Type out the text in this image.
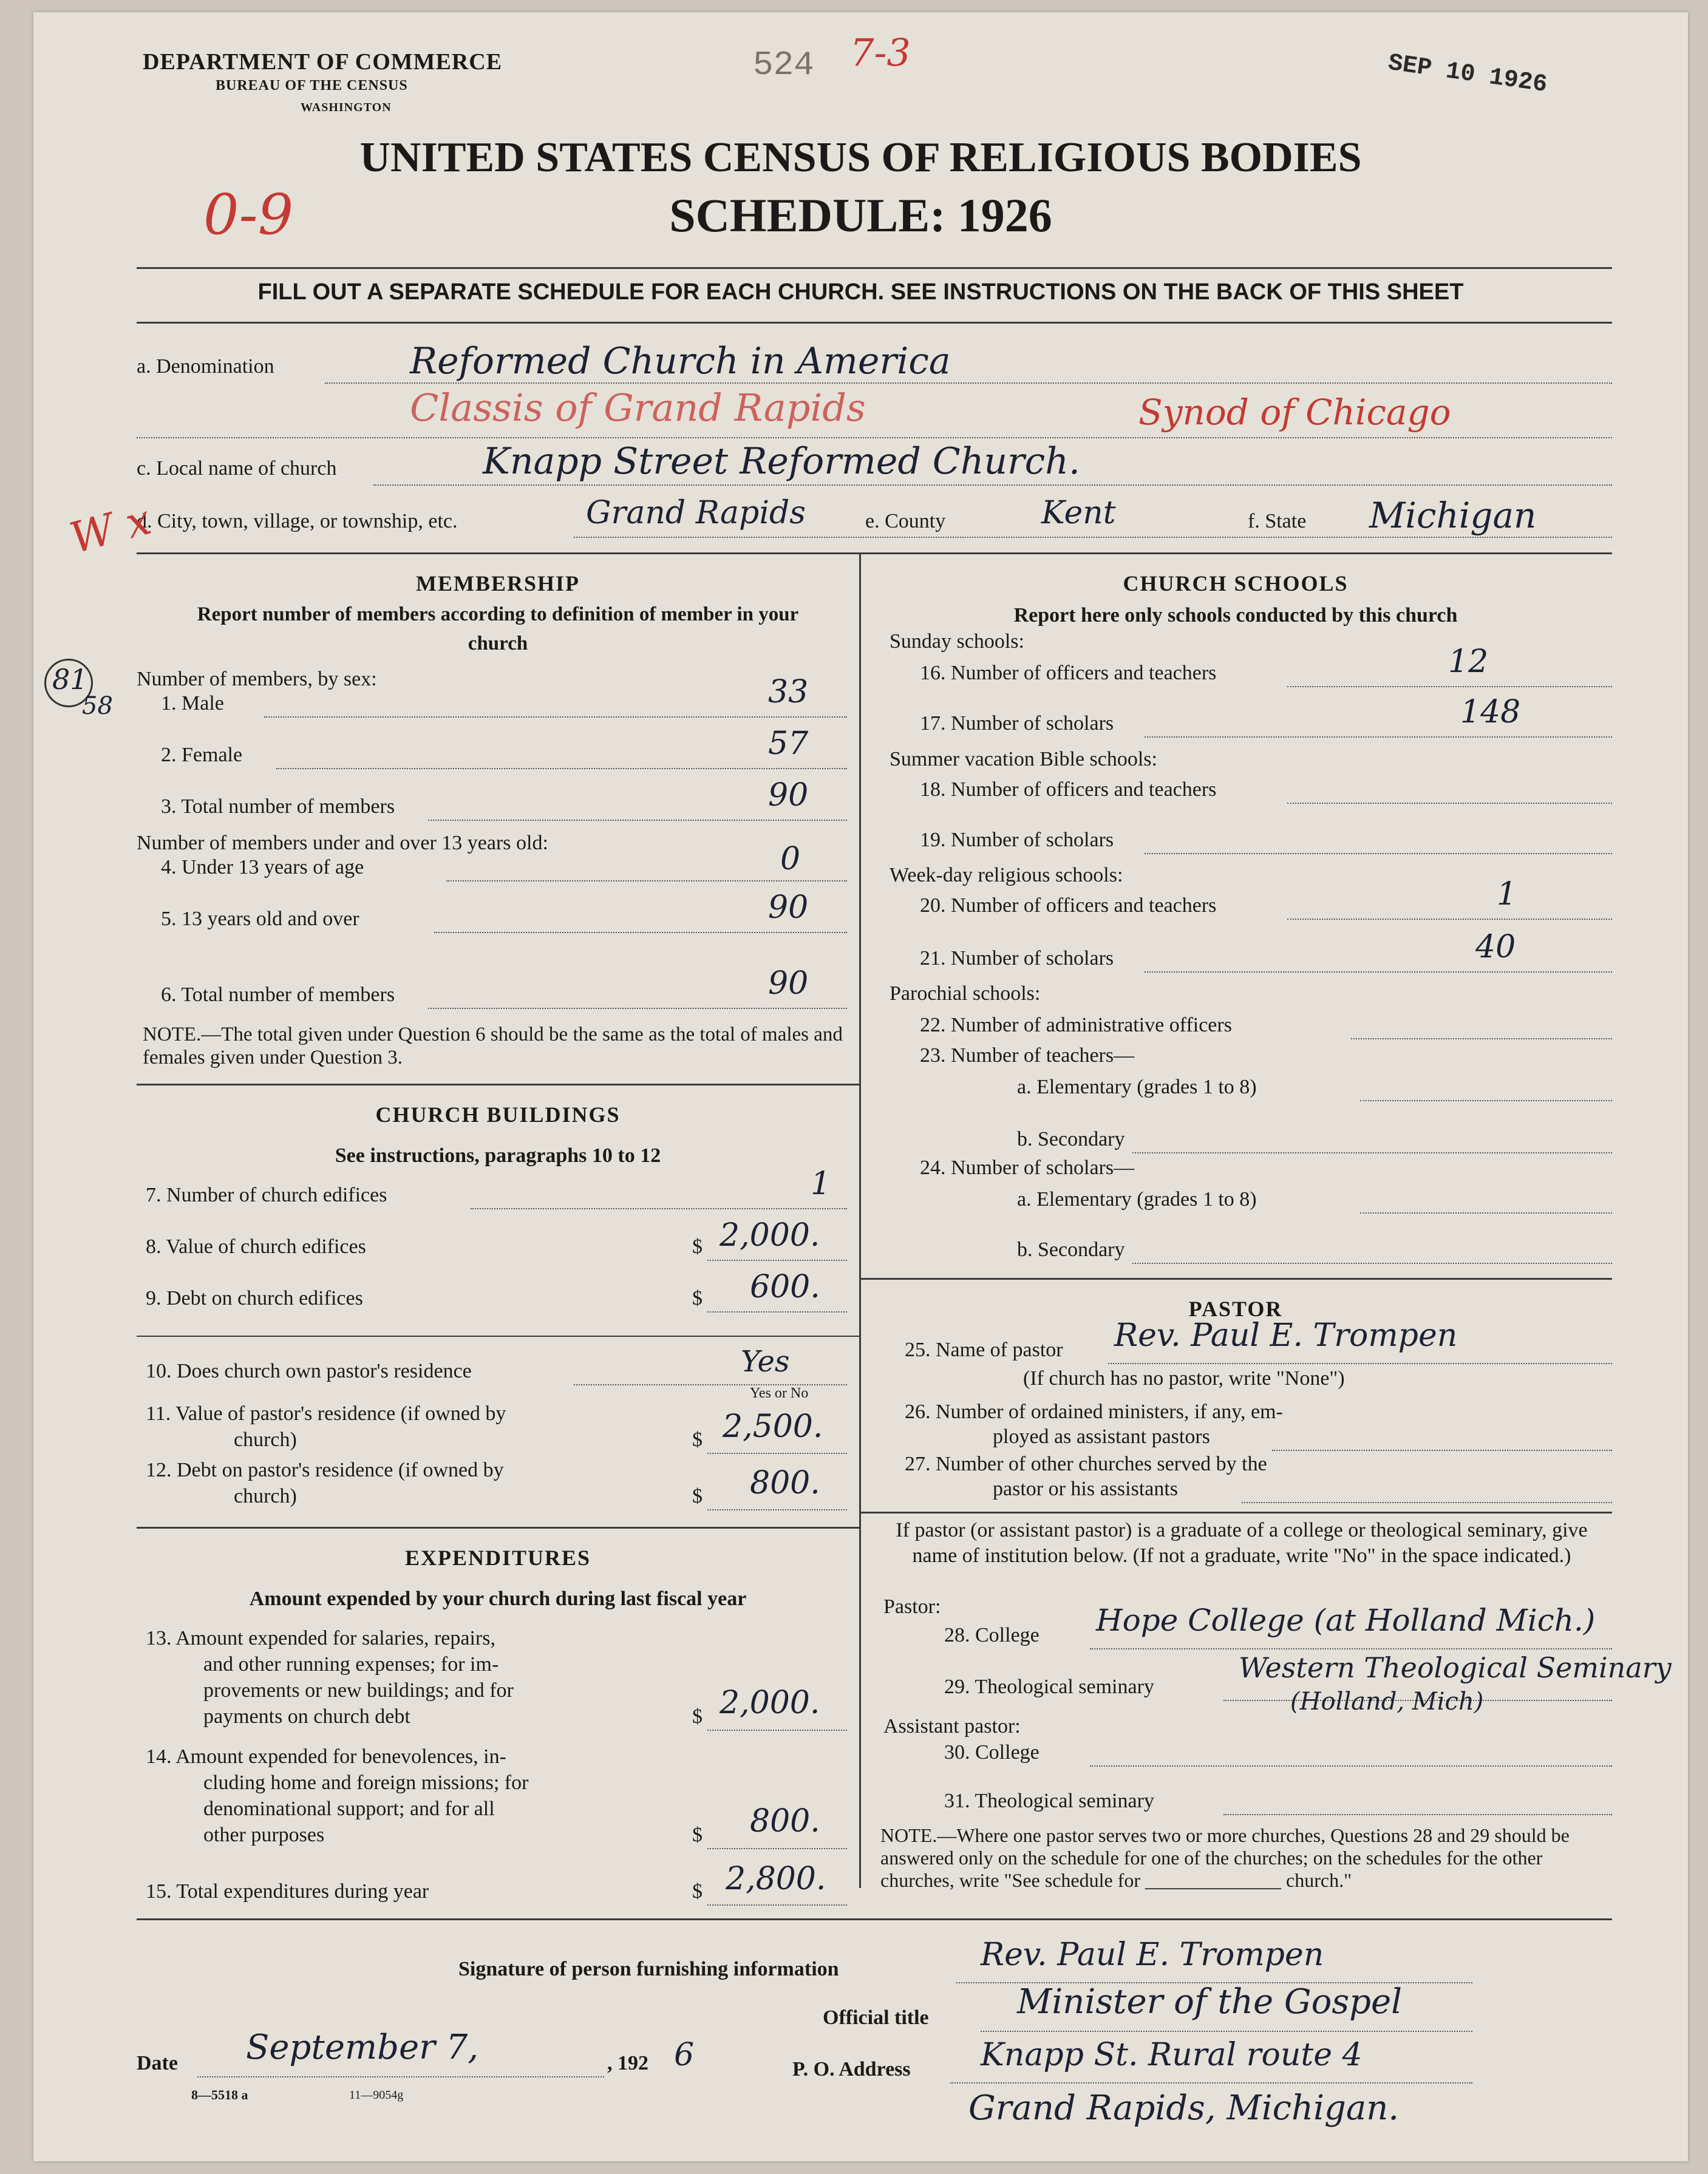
DEPARTMENT OF COMMERCE
BUREAU OF THE CENSUS
WASHINGTON
524 7-3	SEP 10 1926
UNITED STATES CENSUS OF RELIGIOUS BODIES
SCHEDULE: 1926
0-9
FILL OUT A SEPARATE SCHEDULE FOR EACH CHURCH. SEE INSTRUCTIONS ON THE BACK OF THIS SHEET
a. Denomination	Reformed Church in America
Classis of Grand Rapids	Synod of Chicago
c. Local name of church	Knapp Street Reformed Church.
d. City, town, village, or township, etc.	Grand Rapids	e. County	Kent	f. State Michigan
W x
81
58
MEMBERSHIP
Report number of members according to definition of member in your church
Number of members, by sex:
1. Male	33
2. Female	57
3. Total number of members	90
Number of members under and over 13 years old:
4. Under 13 years of age	0
5. 13 years old and over	90
6. Total number of members	90
NOTE.—The total given under Question 6 should be the same as the total of males and females given under Question 3.
CHURCH BUILDINGS
See instructions, paragraphs 10 to 12
7. Number of church edifices	1
8. Value of church edifices	$ 2,000.
9. Debt on church edifices	$ 600.
10. Does church own pastor's residence	Yes
Yes or No
11. Value of pastor's residence (if owned by
church)	$ 2,500.
12. Debt on pastor's residence (if owned by
church)	$ 800.
EXPENDITURES
Amount expended by your church during last fiscal year
13. Amount expended for salaries, repairs,
and other running expenses; for im-
provements or new buildings; and for
payments on church debt	$ 2,000.
14. Amount expended for benevolences, in-
cluding home and foreign missions; for
denominational support; and for all
other purposes	$ 800.
15. Total expenditures during year	$ 2,800.
CHURCH SCHOOLS
Report here only schools conducted by this church
Sunday schools:
16. Number of officers and teachers	12
17. Number of scholars	148
Summer vacation Bible schools:
18. Number of officers and teachers
19. Number of scholars
Week-day religious schools:
20. Number of officers and teachers	1
21. Number of scholars	40
Parochial schools:
22. Number of administrative officers
23. Number of teachers—
a. Elementary (grades 1 to 8)
b. Secondary
24. Number of scholars—
a. Elementary (grades 1 to 8)
b. Secondary
PASTOR
25. Name of pastor Rev. Paul E. Trompen
(If church has no pastor, write "None")
26. Number of ordained ministers, if any, em-
ployed as assistant pastors
27. Number of other churches served by the
pastor or his assistants
If pastor (or assistant pastor) is a graduate of a college or theological seminary, give name of institution below. (If not a graduate, write "No" in the space indicated.)
Pastor:
28. College Hope College (at Holland Mich.)
29. Theological seminary
Western Theological Seminary
(Holland, Mich)
Assistant pastor:
30. College
31. Theological seminary
NOTE.—Where one pastor serves two or more churches, Questions 28 and 29 should be answered only on the schedule for one of the churches; on the schedules for the other churches, write "See schedule for ______________ church."
Signature of person furnishing information	Rev. Paul E. Trompen
Official title	Minister of the Gospel
Date September 7,	, 192 6	P. O. Address Knapp St. Rural route 4
Grand Rapids, Michigan.
8—5518 a	11—9054g
